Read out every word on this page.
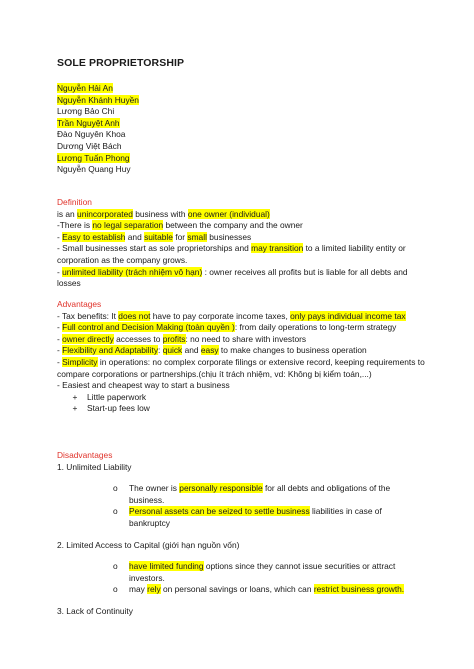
SOLE PROPRIETORSHIP
Nguyễn Hải An
Nguyễn Khánh Huyền
Lương Bảo Chi
Trần Nguyệt Anh
Đào Nguyên Khoa
Dương Việt Bách
Lương Tuấn Phong
Nguyễn Quang Huy
Definition
is an unincorporated business with one owner (individual)
-There is no legal separation between the company and the owner
- Easy to establish and suitable for small businesses
- Small businesses start as sole proprietorships and may transition to a limited liability entity or corporation as the company grows.
- unlimited liability (trách nhiệm vô hạn) : owner receives all profits but is liable for all debts and losses
Advantages
- Tax benefits: It does not have to pay corporate income taxes, only pays individual income tax
- Full control and Decision Making (toàn quyền ): from daily operations to long-term strategy
- owner directly accesses to profits: no need to share with investors
- Flexibility and Adaptability: quick and easy to make changes to business operation
- Simplicity in operations: no complex corporate filings or extensive record, keeping requirements to compare corporations or partnerships.(chịu ít trách nhiệm, vd: Không bị kiểm toán,...)
- Easiest and cheapest way to start a business
+ Little paperwork
+ Start-up fees low
Disadvantages
1. Unlimited Liability
o	The owner is personally responsible for all debts and obligations of the business.
o	Personal assets can be seized to settle business liabilities in case of bankruptcy
2. Limited Access to Capital (giới hạn nguồn vốn)
o	have limited funding options since they cannot issue securities or attract investors.
o	may rely on personal savings or loans, which can restrict business growth.
3. Lack of Continuity
